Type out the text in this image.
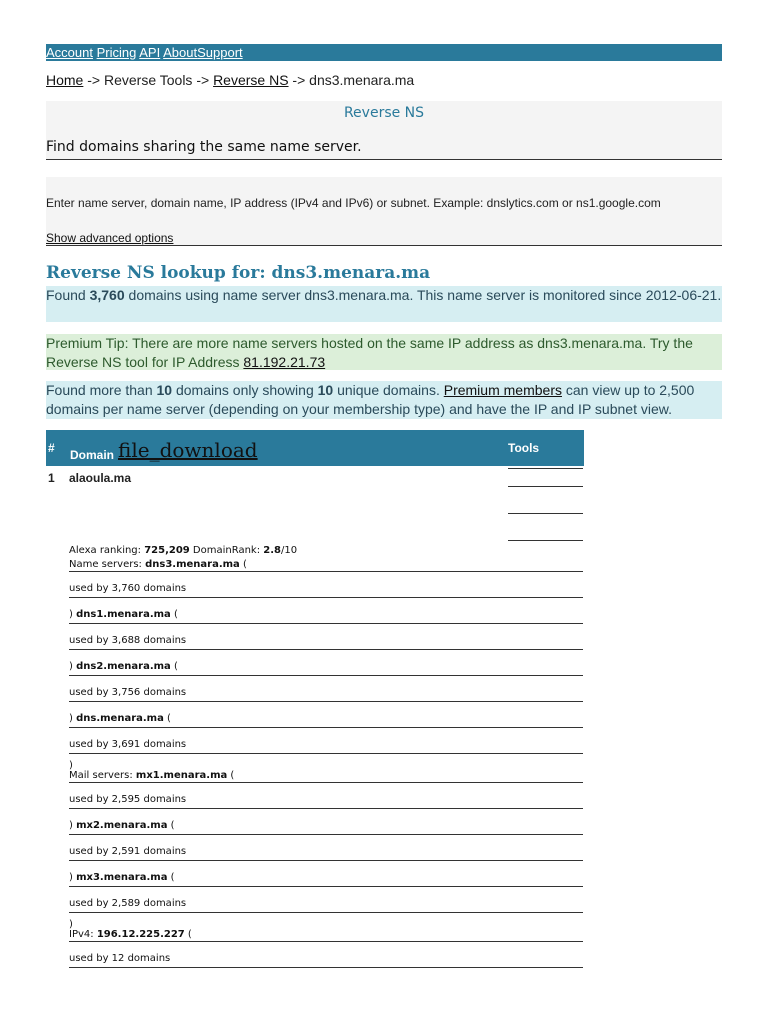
Account Pricing API AboutSupport
Home -> Reverse Tools -> Reverse NS -> dns3.menara.ma
Reverse NS
Find domains sharing the same name server.
Enter name server, domain name, IP address (IPv4 and IPv6) or subnet. Example: dnslytics.com or ns1.google.com
Show advanced options
Reverse NS lookup for: dns3.menara.ma
Found 3,760 domains using name server dns3.menara.ma. This name server is monitored since 2012-06-21.
Premium Tip: There are more name servers hosted on the same IP address as dns3.menara.ma. Try the Reverse NS tool for IP Address 81.192.21.73
Found more than 10 domains only showing 10 unique domains. Premium members can view up to 2,500 domains per name server (depending on your membership type) and have the IP and IP subnet view.
# Domain file_download	Tools
1 alaoula.ma
Alexa ranking: 725,209 DomainRank: 2.8/10
Name servers: dns3.menara.ma (
used by 3,760 domains
) dns1.menara.ma (
used by 3,688 domains
) dns2.menara.ma (
used by 3,756 domains
) dns.menara.ma (
used by 3,691 domains
)
Mail servers: mx1.menara.ma (
used by 2,595 domains
) mx2.menara.ma (
used by 2,591 domains
) mx3.menara.ma (
used by 2,589 domains
)
IPv4: 196.12.225.227 (
used by 12 domains
